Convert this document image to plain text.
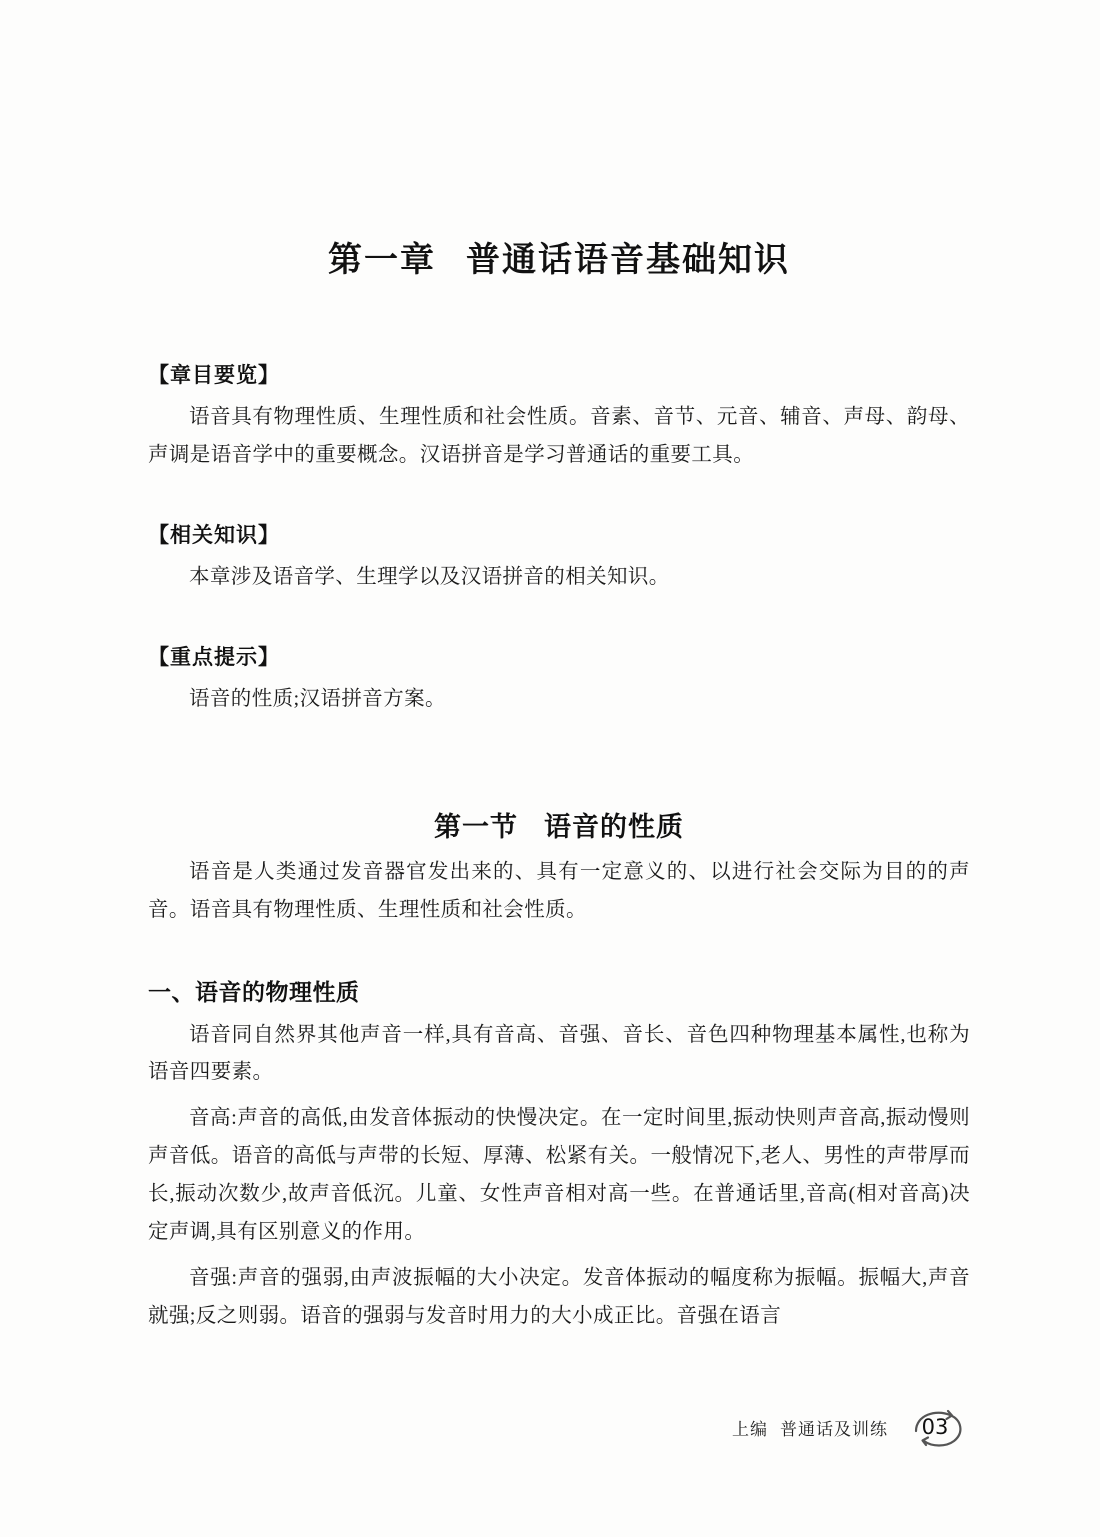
第一章 普通话语音基础知识
【章目要览】

语音具有物理性质、生理性质和社会性质。音素、音节、元音、辅音、声母、韵母、声调是语音学中的重要概念。汉语拼音是学习普通话的重要工具。

【相关知识】

本章涉及语音学、生理学以及汉语拼音的相关知识。

【重点提示】

语音的性质;汉语拼音方案。

第一节 语音的性质

语音是人类通过发音器官发出来的、具有一定意义的、以进行社会交际为目的的声音。语音具有物理性质、生理性质和社会性质。

一、语音的物理性质

语音同自然界其他声音一样,具有音高、音强、音长、音色四种物理基本属性,也称为语音四要素。

音高:声音的高低,由发音体振动的快慢决定。在一定时间里,振动快则声音高,振动慢则声音低。语音的高低与声带的长短、厚薄、松紧有关。一般情况下,老人、男性的声带厚而长,振动次数少,故声音低沉。儿童、女性声音相对高一些。在普通话里,音高(相对音高)决定声调,具有区别意义的作用。

音强:声音的强弱,由声波振幅的大小决定。发音体振动的幅度称为振幅。振幅大,声音就强;反之则弱。语音的强弱与发音时用力的大小成正比。音强在语言

上编 普通话及训练 03
